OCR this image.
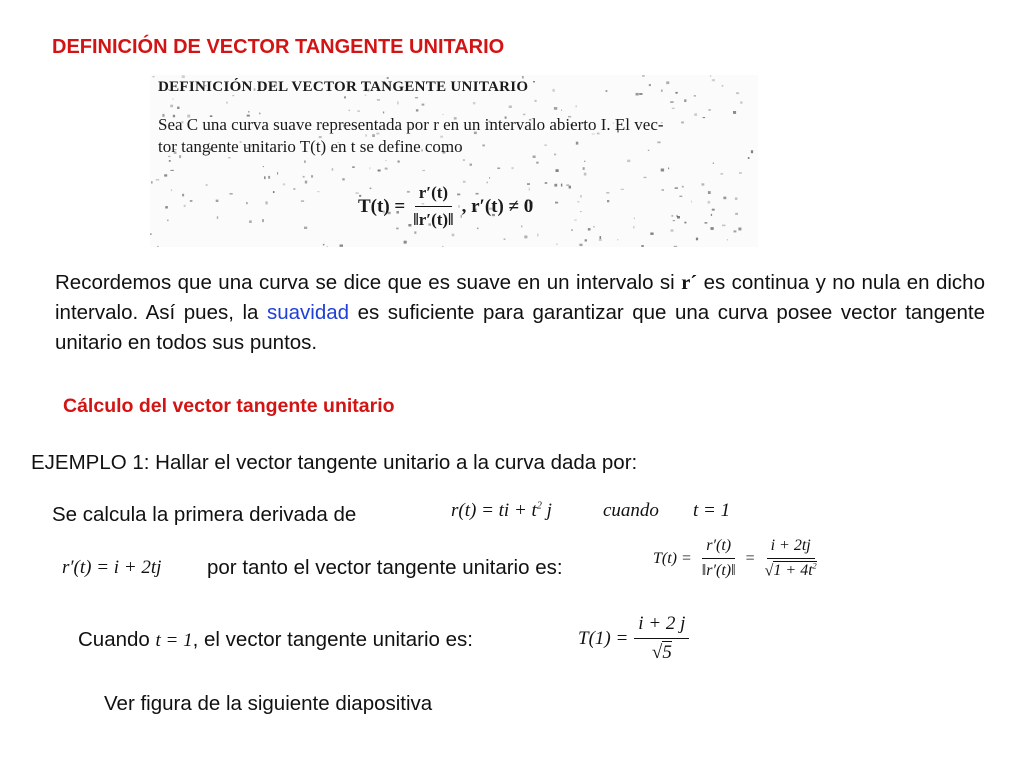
DEFINICIÓN DE VECTOR TANGENTE UNITARIO
DEFINICIÓN DEL VECTOR TANGENTE UNITARIO
Sea C una curva suave representada por r en un intervalo abierto I. El vec-
tor tangente unitario T(t) en t se define como
$T(t) = \frac{r'(t)}{‖r'(t)‖}$ , r′(t) ≠ 0
Recordemos que una curva se dice que es suave en un intervalo si r´ es continua y no nula en dicho intervalo. Así pues, la suavidad es suficiente para garantizar que una curva posee vector tangente unitario en todos sus puntos.
Cálculo del vector tangente unitario
EJEMPLO 1: Hallar el vector tangente unitario a la curva dada por:
Se calcula la primera derivada de	r(t) = ti + $t^2$ j	cuando t = 1
r′(t) = i + 2tj por tanto el vector tangente unitario es:	$T(t) = \frac{r'(t)}{‖r'(t)‖} = \frac{i + 2tj}{√1 + 4t^2}$
Cuando t = 1, el vector tangente unitario es:	$T(1) = \frac{i + 2 j}{√5}$
Ver figura de la siguiente diapositiva
